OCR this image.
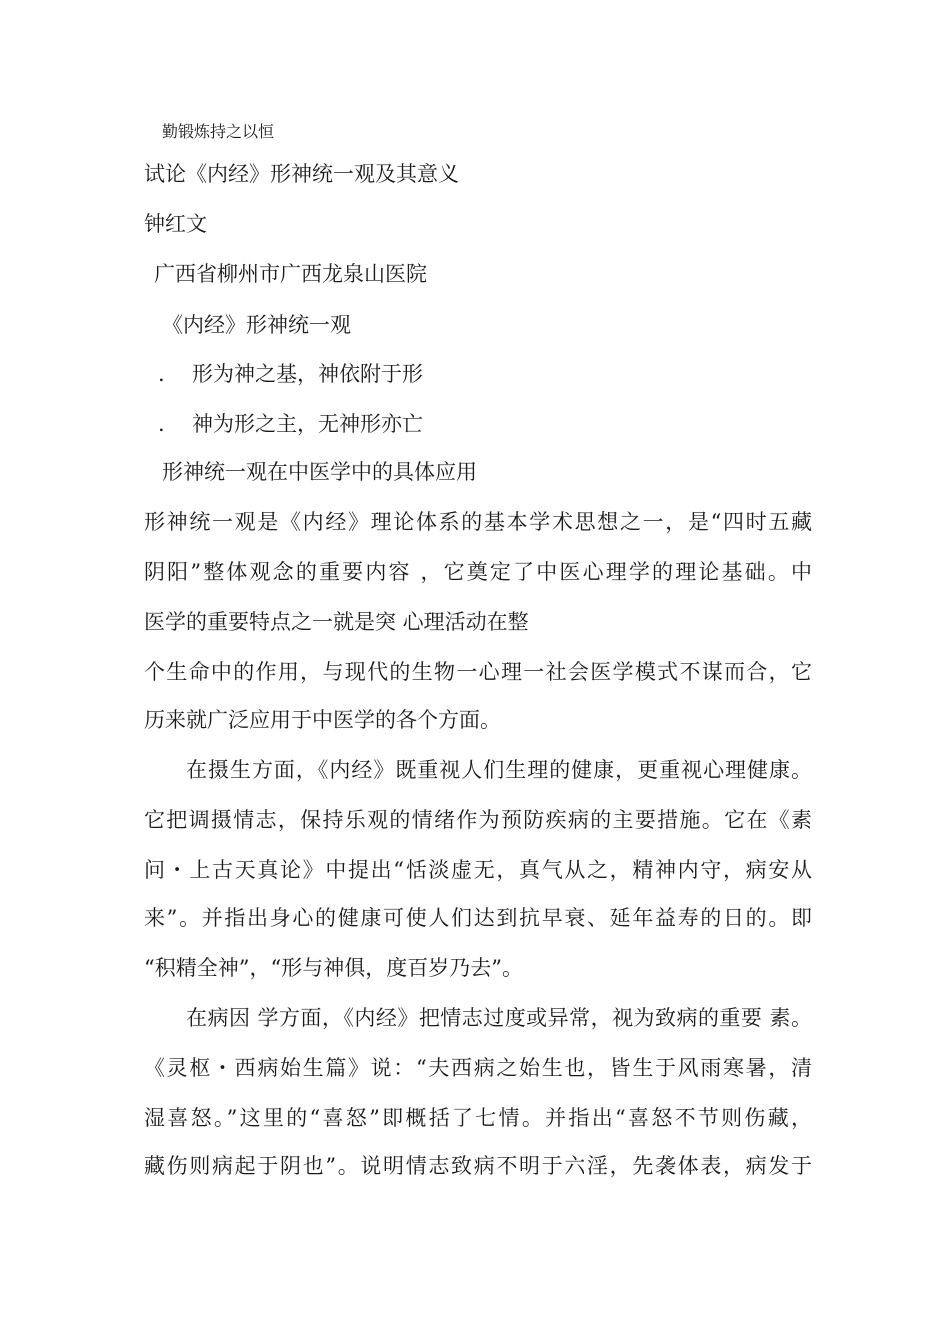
勤锻炼持之以恒
试论《内经》形神统一观及其意义
钟红文
广西省柳州市广西龙泉山医院
《内经》形神统一观
. 形为神之基，神依附于形
. 神为形之主，无神形亦亡
形神统一观在中医学中的具体应用
形神统一观是《内经》理论体系的基本学术思想之一，是“四时五藏
阴阳”整体观念的重要内容 ，它奠定了中医心理学的理论基础。中
医学的重要特点之一就是突 心理活动在整
个生命中的作用，与现代的生物一心理一社会医学模式不谋而合，它
历来就广泛应用于中医学的各个方面。
在摄生方面，《内经》既重视人们生理的健康，更重视心理健康。
它把调摄情志，保持乐观的情绪作为预防疾病的主要措施。它在《素
问・上古天真论》中提出“恬淡虚无，真气从之，精神内守，病安从
来”。并指出身心的健康可使人们达到抗早衰、延年益寿的日的。即
“积精全神”，“形与神俱，度百岁乃去”。
在病因 学方面，《内经》把情志过度或异常，视为致病的重要 素。
《灵枢・西病始生篇》说：“夫西病之始生也，皆生于风雨寒暑，清
湿喜怒。”这里的“喜怒”即概括了七情。并指出“喜怒不节则伤藏，
藏伤则病起于阴也”。说明情志致病不明于六淫，先袭体表，病发于
